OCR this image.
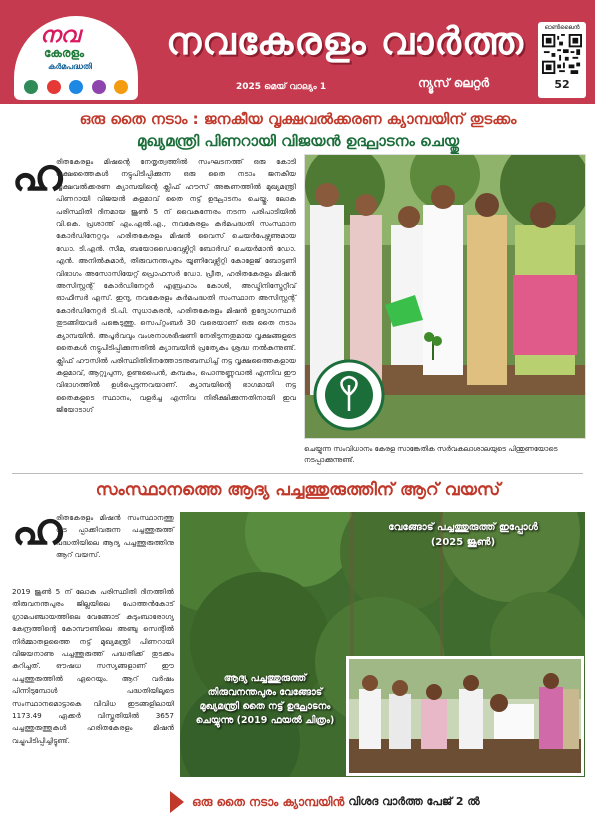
നവ
കേരളം
കർമപദ്ധതി
നവകേരളം വാർത്ത
2025 മെയ് വാല്യം 1	ന്യൂസ് ലെറ്റർ
ഓൺലൈൻ
52
ഒരു തൈ നടാം : ജനകീയ വൃക്ഷവൽക്കരണ ക്യാമ്പയിന് തുടക്കം
മുഖ്യമന്ത്രി പിണറായി വിജയൻ ഉദ്ഘാടനം ചെയ്തു
ഹ
രിതകേരളം മിഷന്റെ നേതൃത്വത്തിൽ സംഘടനത്ത് ഒരു കോടി വൃക്ഷത്തൈകൾ നട്ടുപിടിപ്പിക്കുന്ന ഒരു തൈ നടാം ജനകീയ വൃക്ഷവൽക്കരണ ക്യാമ്പയിന്റെ ക്ലിഫ് ഹൗസ് അങ്കണത്തിൽ മുഖ്യമന്ത്രി പിണറായി വിജയൻ കുളമാവ് തൈ നട്ട് ഉദ്ഘാടനം ചെയ്തു. ലോക പരിസ്ഥിതി ദിനമായ ജൂൺ 5 ന് വൈകുന്നേരം നടന്ന പരിപാടിയിൽ വി.കെ. പ്രശാന്ത് എം.എൽ.എ., നവകേരളം കർമപദ്ധതി സംസ്ഥാന കോർഡിനേറ്ററും ഹരിതകേരളം മിഷൻ വൈസ് ചെയർപേഴ്സണുമായ ഡോ. ടി.എൻ. സീമ, ബയോഡൈവേഴ്സിറ്റി ബോർഡ് ചെയർമാൻ ഡോ. എൻ. അനിൽകുമാർ, തിരുവനന്തപുരം യൂണിവേഴ്സിറ്റി കോളേജ് ബോട്ടണി വിഭാഗം അസോസിയേറ്റ് പ്രൊഫസർ ഡോ. പ്രീത, ഹരിതകേരളം മിഷൻ അസിസ്റ്റന്റ് കോർഡിനേറ്റർ എബ്രഹാം കോശി, അഡ്മിനിസ്ട്രേറ്റീവ് ഓഫീസർ എസ്. ഇന്ദു, നവകേരളം കർമപദ്ധതി സംസ്ഥാന അസിസ്റ്റന്റ് കോർഡിനേറ്റർ ടി.പി. സുധാകരൻ, ഹരിതകേരളം മിഷൻ ഉദ്യോഗസ്ഥർ തുടങ്ങിയവർ പങ്കെടുത്തു. സെപ്റ്റംബർ 30 വരെയാണ് ഒരു തൈ നടാം ക്യാമ്പയിൻ. അപൂർവവും വംശനാശഭീഷണി നേരിടുന്നതുമായ വൃക്ഷങ്ങളുടെ തൈകൾ നട്ടുപിടിപ്പിക്കുന്നതിൽ ക്യാമ്പയിൻ പ്രത്യേകം ശ്രദ്ധ നൽകുന്നുണ്ട്. ക്ലിഫ് ഹൗസിൽ പരിസ്ഥിതിദിനത്തോടനുബന്ധിച്ച് നട്ട വൃക്ഷത്തൈകളായ കുളമാവ്, ആറ്റുപുന്ന, ഉണ്ടപൈൻ, കമ്പകം, പൊന്നുണ്ണവാൽ എന്നിവ ഈ വിഭാഗത്തിൽ ഉൾപ്പെടുന്നവയാണ്. ക്യാമ്പയിന്റെ ഭാഗമായി നട്ട തൈകളുടെ സ്ഥാനം, വളർച്ച എന്നിവ നിരീക്ഷിക്കുന്നതിനായി ഇവ ജിയോടാഗ്
ചെയ്യുന്ന സംവിധാനം കേരള സാങ്കേതിക സർവകലാശാലയുടെ പിന്തുണയോടെ നടപ്പാക്കുന്നുണ്ട്.
സംസ്ഥാനത്തെ ആദ്യ പച്ചത്തുരുത്തിന് ആറ് വയസ്
ഹ
രിതകേരളം മിഷൻ സംസ്ഥാനത്തു നട പ്പാക്കിവരുന്ന പച്ചത്തുരുത്ത് പദ്ധതിയിലെ ആദ്യ പച്ചത്തുരുത്തിനു ആറ് വയസ്.
2019 ജൂൺ 5 ന് ലോക പരിസ്ഥിതി ദിനത്തിൽ തിരുവനന്തപുരം ജില്ലയിലെ പോത്തൻകോട് ഗ്രാമപഞ്ചായത്തിലെ വേങ്ങോട് കുടുംബാരോഗ്യ കേന്ദ്രത്തിന്റെ കോമ്പൗണ്ടിലെ അഞ്ചു സെന്റിൽ നിർമ്മാതളത്തൈ നട്ട് മുഖ്യമന്ത്രി പിണറായി വിജയനാണു പച്ചത്തുരുത്ത് പദ്ധതിക്ക് തുടക്കം കുറിച്ചത്. ഔഷധ സസ്യങ്ങളാണ് ഈ പച്ചത്തുരുത്തിൽ ഏറെയും. ആറ് വർഷം പിന്നിടുമ്പോൾ പദ്ധതിയിലൂടെ സംസ്ഥാനമൊട്ടാകെ വിവിധ ഇടങ്ങളിലായി 1173.49 ഏക്കർ വിസ്തൃതിയിൽ 3657 പച്ചത്തുരുത്തുകൾ ഹരിതകേരളം മിഷൻ വച്ചുപിടിപ്പിച്ചിട്ടുണ്ട്.
വേങ്ങോട് പച്ചത്തുരുത്ത് ഇപ്പോൾ (2025 ജൂൺ)
ആദ്യ പച്ചത്തുരുത്ത് തിരുവനന്തപുരം വേങ്ങോട് മുഖ്യമന്ത്രി തൈ നട്ട് ഉദ്ഘാടനം ചെയ്യുന്നു (2019 ഫയൽ ചിത്രം)
ഒരു തൈ നടാം ക്യാമ്പയിൻ വിശദ വാർത്ത പേജ് 2 ൽ
